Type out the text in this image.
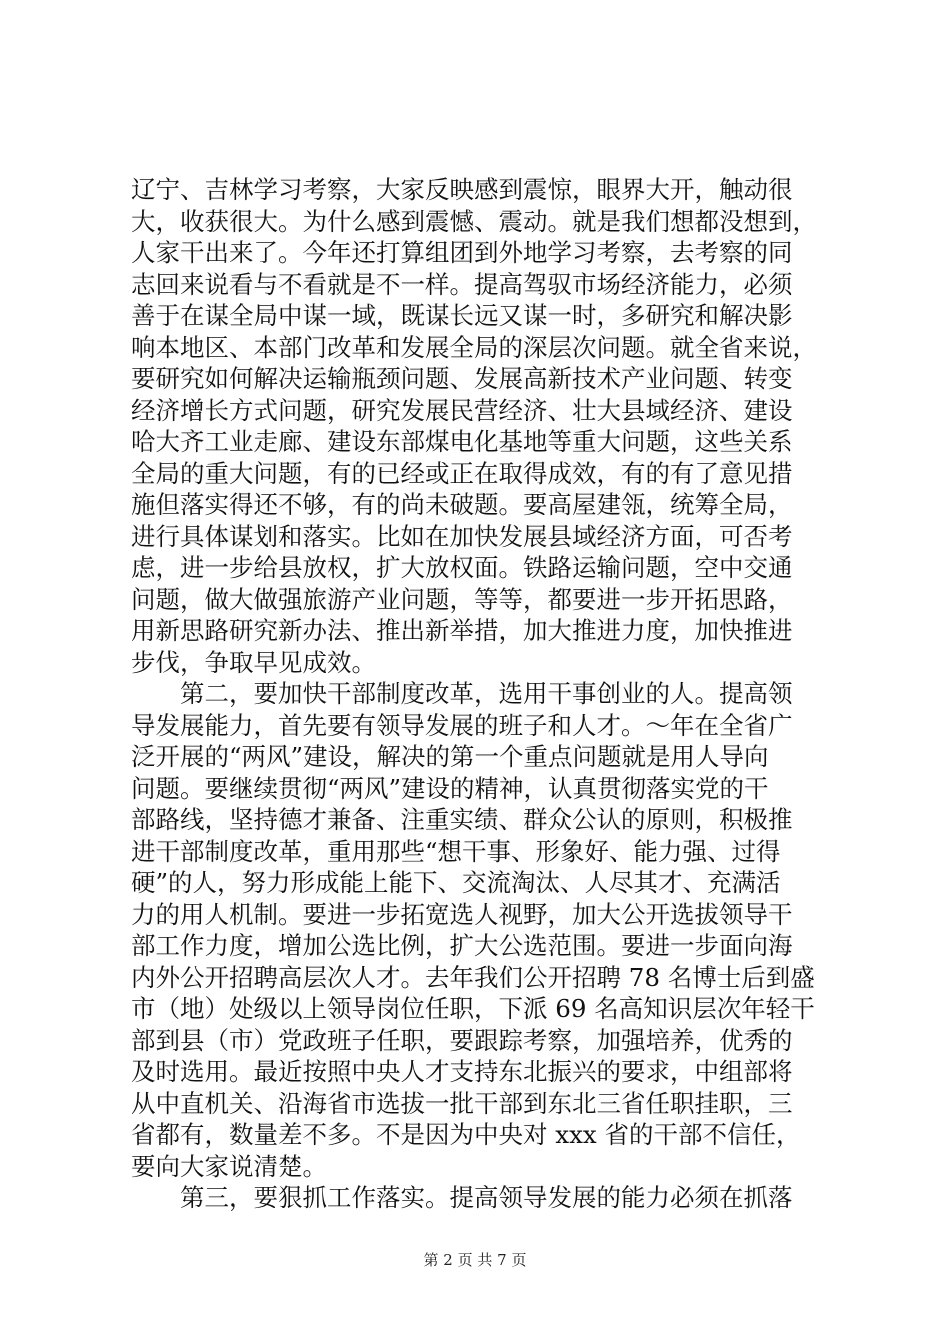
辽宁、吉林学习考察，大家反映感到震惊，眼界大开，触动很
大，收获很大。为什么感到震憾、震动。就是我们想都没想到，
人家干出来了。今年还打算组团到外地学习考察，去考察的同
志回来说看与不看就是不一样。提高驾驭市场经济能力，必须
善于在谋全局中谋一域，既谋长远又谋一时，多研究和解决影
响本地区、本部门改革和发展全局的深层次问题。就全省来说，
要研究如何解决运输瓶颈问题、发展高新技术产业问题、转变
经济增长方式问题，研究发展民营经济、壮大县域经济、建设
哈大齐工业走廊、建设东部煤电化基地等重大问题，这些关系
全局的重大问题，有的已经或正在取得成效，有的有了意见措
施但落实得还不够，有的尚未破题。要高屋建瓴，统筹全局，
进行具体谋划和落实。比如在加快发展县域经济方面，可否考
虑，进一步给县放权，扩大放权面。铁路运输问题，空中交通
问题，做大做强旅游产业问题，等等，都要进一步开拓思路，
用新思路研究新办法、推出新举措，加大推进力度，加快推进
步伐，争取早见成效。
　　第二，要加快干部制度改革，选用干事创业的人。提高领
导发展能力，首先要有领导发展的班子和人才。～年在全省广
泛开展的“两风”建设，解决的第一个重点问题就是用人导向
问题。要继续贯彻“两风”建设的精神，认真贯彻落实党的干
部路线，坚持德才兼备、注重实绩、群众公认的原则，积极推
进干部制度改革，重用那些“想干事、形象好、能力强、过得
硬”的人，努力形成能上能下、交流淘汰、人尽其才、充满活
力的用人机制。要进一步拓宽选人视野，加大公开选拔领导干
部工作力度，增加公选比例，扩大公选范围。要进一步面向海
内外公开招聘高层次人才。去年我们公开招聘 78 名博士后到盛
市（地）处级以上领导岗位任职，下派 69 名高知识层次年轻干
部到县（市）党政班子任职，要跟踪考察，加强培养，优秀的
及时选用。最近按照中央人才支持东北振兴的要求，中组部将
从中直机关、沿海省市选拔一批干部到东北三省任职挂职，三
省都有，数量差不多。不是因为中央对 xxx 省的干部不信任，
要向大家说清楚。
　　第三，要狠抓工作落实。提高领导发展的能力必须在抓落
第 2 页 共 7 页
